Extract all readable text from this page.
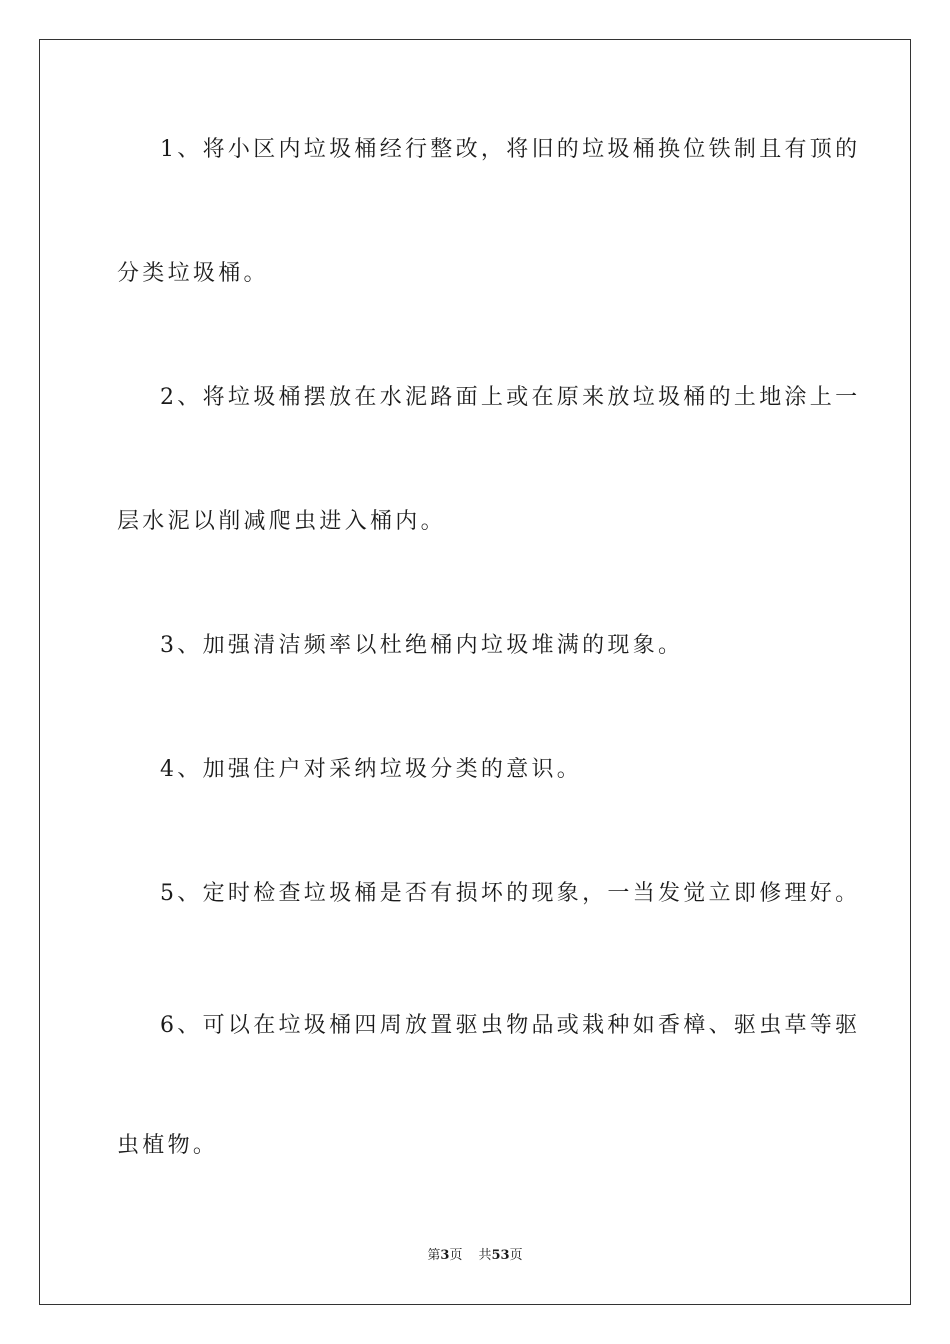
1、将小区内垃圾桶经行整改，将旧的垃圾桶换位铁制且有顶的
分类垃圾桶。
2、将垃圾桶摆放在水泥路面上或在原来放垃圾桶的土地涂上一
层水泥以削减爬虫进入桶内。
3、加强清洁频率以杜绝桶内垃圾堆满的现象。
4、加强住户对采纳垃圾分类的意识。
5、定时检查垃圾桶是否有损坏的现象，一当发觉立即修理好。
6、可以在垃圾桶四周放置驱虫物品或栽种如香樟、驱虫草等驱
虫植物。
第3页 共53页
